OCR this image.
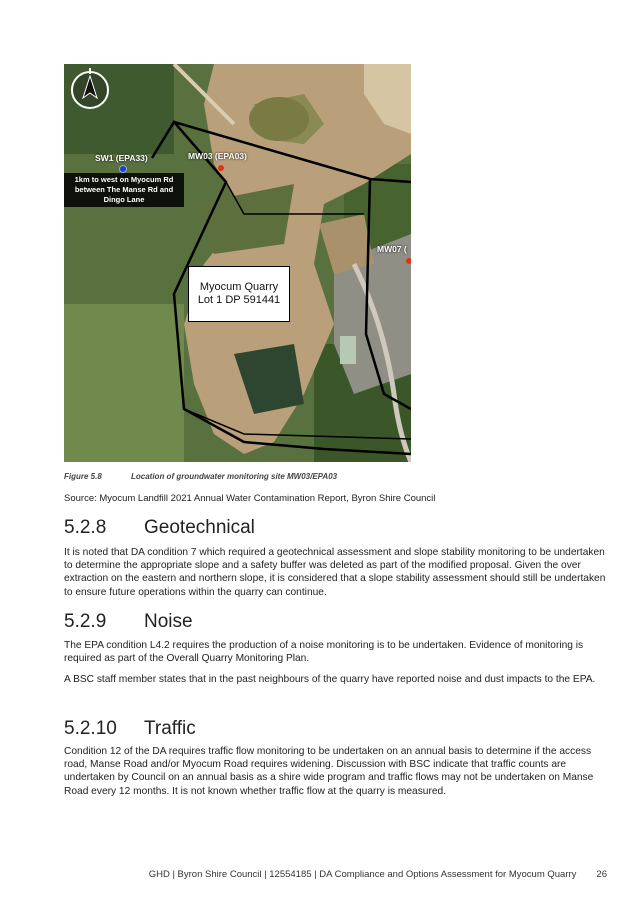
SW1 (EPA33)
1km to west on Myocum Rd
between The Manse Rd and
Dingo Lane
MW03 (EPA03)
MW07 (
Myocum Quarry
Lot 1 DP 591441
Figure 5.8	Location of groundwater monitoring site MW03/EPA03
Source: Myocum Landfill 2021 Annual Water Contamination Report, Byron Shire Council
5.2.8 Geotechnical

It is noted that DA condition 7 which required a geotechnical assessment and slope stability monitoring to be undertaken to determine the appropriate slope and a safety buffer was deleted as part of the modified proposal. Given the over extraction on the eastern and northern slope, it is considered that a slope stability assessment should still be undertaken to ensure future operations within the quarry can continue.

5.2.9 Noise

The EPA condition L4.2 requires the production of a noise monitoring is to be undertaken. Evidence of monitoring is required as part of the Overall Quarry Monitoring Plan.

A BSC staff member states that in the past neighbours of the quarry have reported noise and dust impacts to the EPA.

5.2.10 Traffic

Condition 12 of the DA requires traffic flow monitoring to be undertaken on an annual basis to determine if the access road, Manse Road and/or Myocum Road requires widening. Discussion with BSC indicate that traffic counts are undertaken by Council on an annual basis as a shire wide program and traffic flows may not be undertaken on Manse Road every 12 months. It is not known whether traffic flow at the quarry is measured.

GHD | Byron Shire Council | 12554185 | DA Compliance and Options Assessment for Myocum Quarry 26
